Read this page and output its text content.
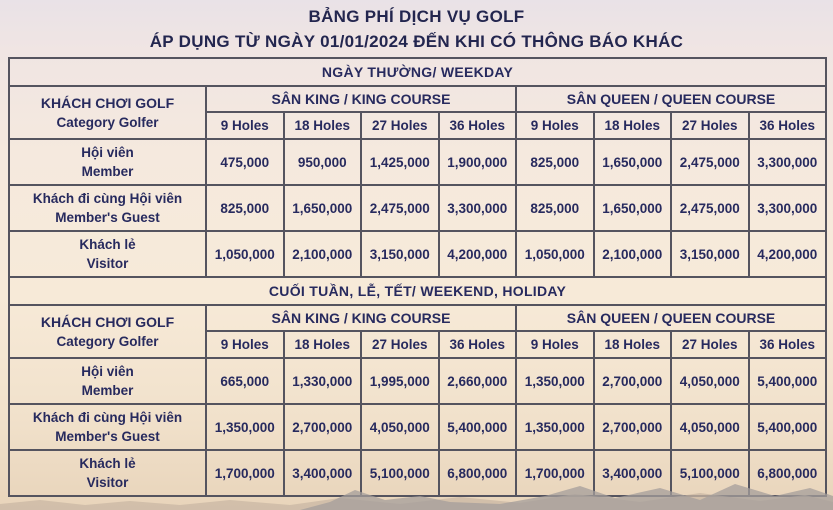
BẢNG PHÍ DỊCH VỤ GOLF
ÁP DỤNG TỪ NGÀY 01/01/2024 ĐẾN KHI CÓ THÔNG BÁO KHÁC
NGÀY THƯỜNG/ WEEKDAY								

KHÁCH CHƠI GOLF
Category Golfer	SÂN KING / KING COURSE				SÂN QUEEN / QUEEN COURSE			
	9 Holes	18 Holes	27 Holes	36 Holes	9 Holes	18 Holes	27 Holes	36 Holes

Hội viên
Member	475,000	950,000	1,425,000	1,900,000	825,000	1,650,000	2,475,000	3,300,000

Khách đi cùng Hội viên
Member's Guest	825,000	1,650,000	2,475,000	3,300,000	825,000	1,650,000	2,475,000	3,300,000

Khách lẻ
Visitor	1,050,000	2,100,000	3,150,000	4,200,000	1,050,000	2,100,000	3,150,000	4,200,000
CUỐI TUẦN, LỄ, TẾT/ WEEKEND, HOLIDAY								

KHÁCH CHƠI GOLF
Category Golfer	SÂN KING / KING COURSE				SÂN QUEEN / QUEEN COURSE			
	9 Holes	18 Holes	27 Holes	36 Holes	9 Holes	18 Holes	27 Holes	36 Holes

Hội viên
Member	665,000	1,330,000	1,995,000	2,660,000	1,350,000	2,700,000	4,050,000	5,400,000

Khách đi cùng Hội viên
Member's Guest	1,350,000	2,700,000	4,050,000	5,400,000	1,350,000	2,700,000	4,050,000	5,400,000

Khách lẻ
Visitor	1,700,000	3,400,000	5,100,000	6,800,000	1,700,000	3,400,000	5,100,000	6,800,000
